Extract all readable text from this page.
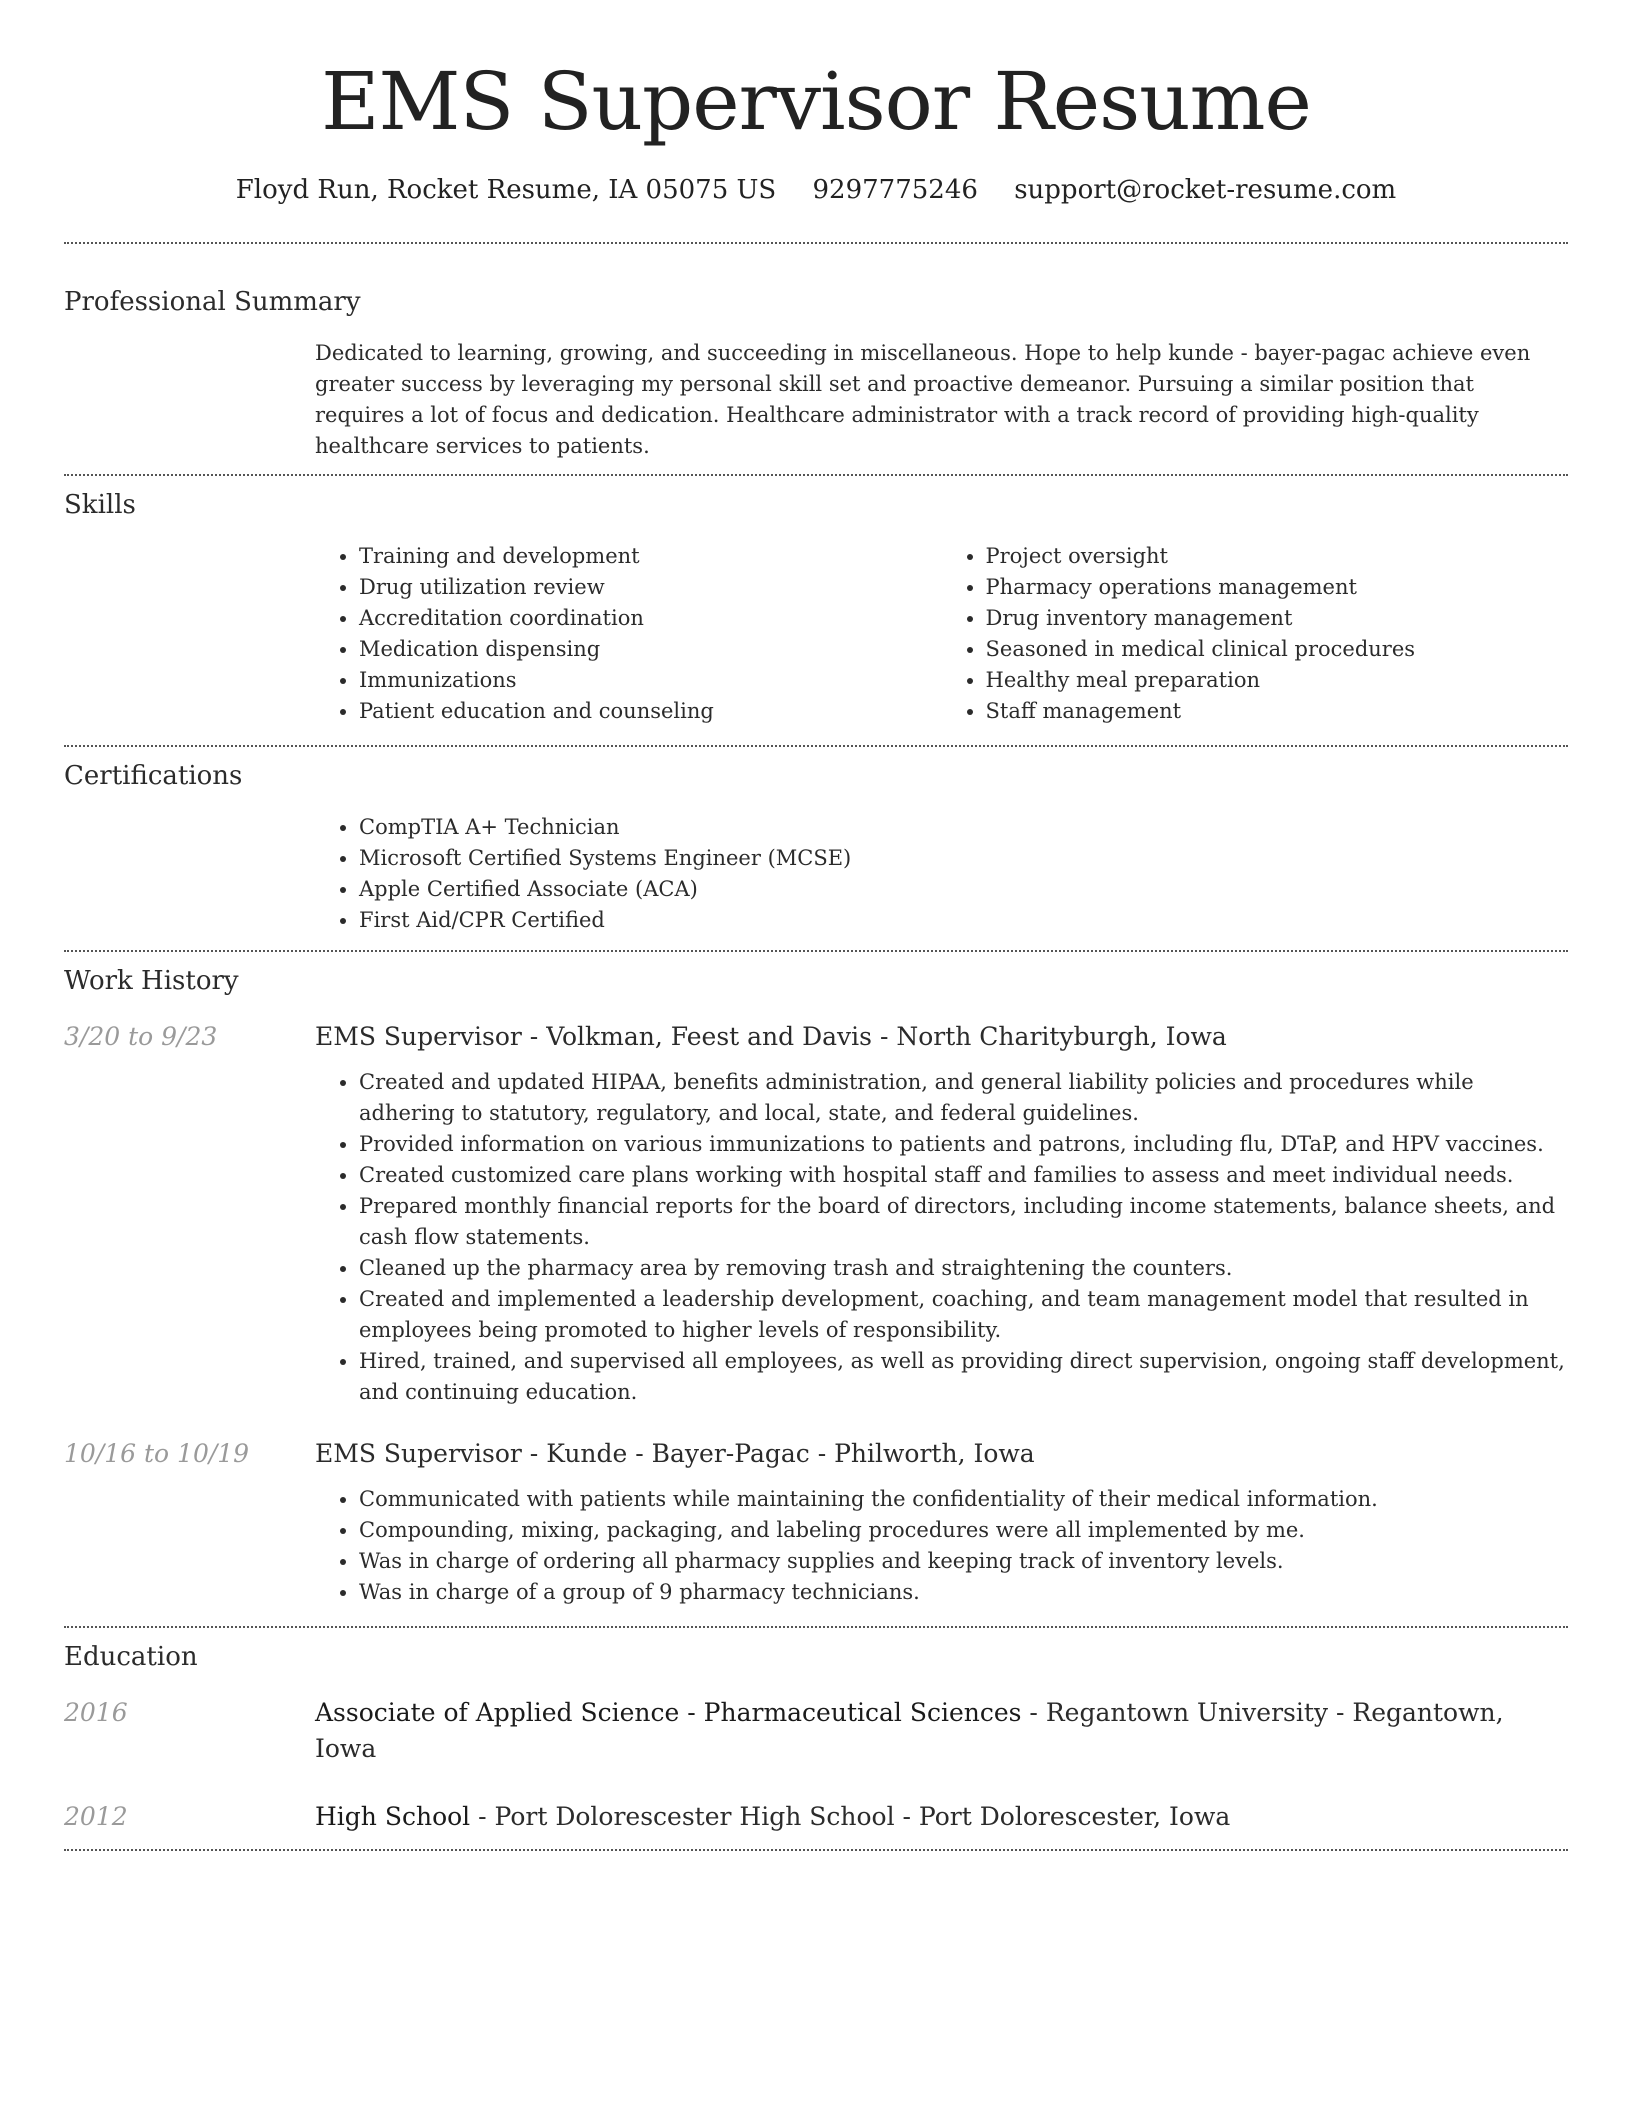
EMS Supervisor Resume
Floyd Run, Rocket Resume, IA 05075 US 9297775246 support@rocket-resume.com
Professional Summary
Dedicated to learning, growing, and succeeding in miscellaneous. Hope to help kunde - bayer-pagac achieve even greater success by leveraging my personal skill set and proactive demeanor. Pursuing a similar position that requires a lot of focus and dedication. Healthcare administrator with a track record of providing high-quality healthcare services to patients.
Skills
• Training and development
• Drug utilization review
• Accreditation coordination
• Medication dispensing
• Immunizations
• Patient education and counseling
• Project oversight
• Pharmacy operations management
• Drug inventory management
• Seasoned in medical clinical procedures
• Healthy meal preparation
• Staff management
Certifications
• CompTIA A+ Technician
• Microsoft Certified Systems Engineer (MCSE)
• Apple Certified Associate (ACA)
• First Aid/CPR Certified
Work History
3/20 to 9/23	EMS Supervisor - Volkman, Feest and Davis - North Charityburgh, Iowa
• Created and updated HIPAA, benefits administration, and general liability policies and procedures while adhering to statutory, regulatory, and local, state, and federal guidelines.
• Provided information on various immunizations to patients and patrons, including flu, DTaP, and HPV vaccines.
• Created customized care plans working with hospital staff and families to assess and meet individual needs.
• Prepared monthly financial reports for the board of directors, including income statements, balance sheets, and cash flow statements.
• Cleaned up the pharmacy area by removing trash and straightening the counters.
• Created and implemented a leadership development, coaching, and team management model that resulted in employees being promoted to higher levels of responsibility.
• Hired, trained, and supervised all employees, as well as providing direct supervision, ongoing staff development, and continuing education.
10/16 to 10/19	EMS Supervisor - Kunde - Bayer-Pagac - Philworth, Iowa
• Communicated with patients while maintaining the confidentiality of their medical information.
• Compounding, mixing, packaging, and labeling procedures were all implemented by me.
• Was in charge of ordering all pharmacy supplies and keeping track of inventory levels.
• Was in charge of a group of 9 pharmacy technicians.
Education
2016	Associate of Applied Science - Pharmaceutical Sciences - Regantown University - Regantown, Iowa
2012	High School - Port Dolorescester High School - Port Dolorescester, Iowa
